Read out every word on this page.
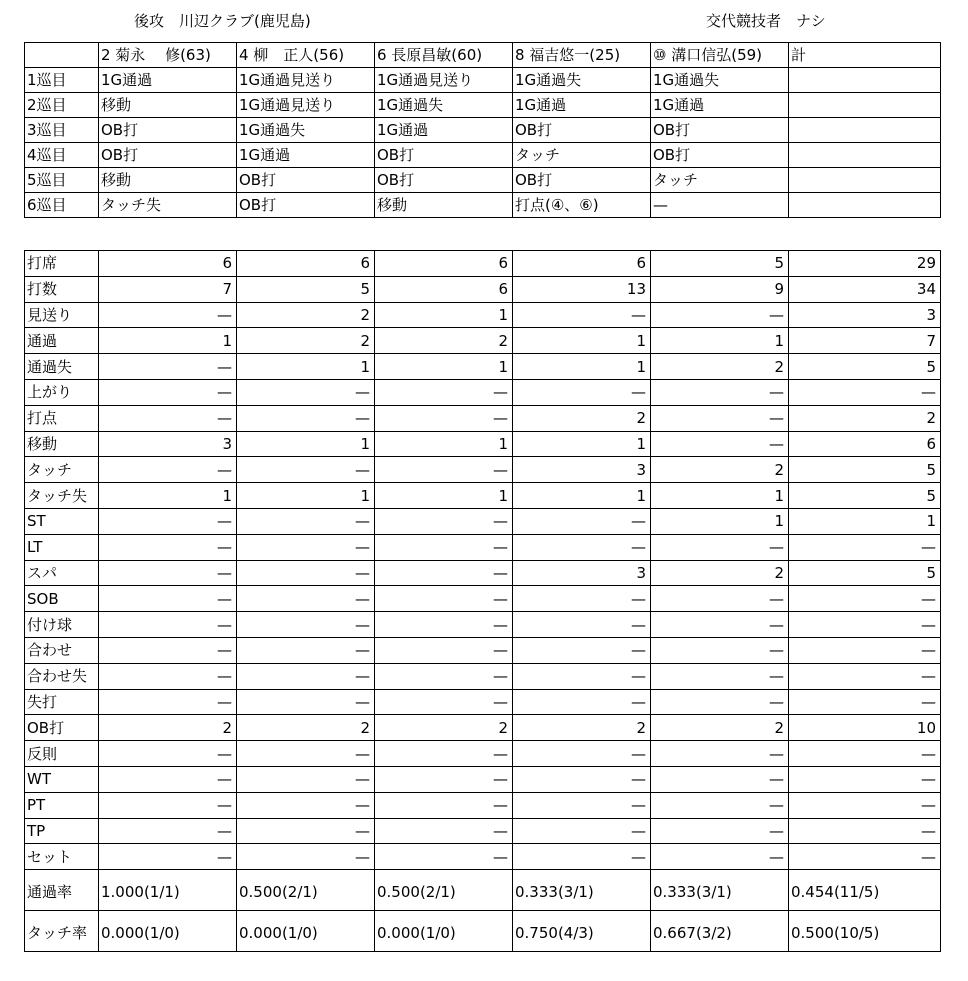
後攻　川辺クラブ(鹿児島)	交代競技者　ナシ
	2 菊永　 修(63)	4 柳　正人(56)	6 長原昌敏(60)	8 福吉悠一(25)	⑩ 溝口信弘(59)	計
1巡目	1G通過	1G通過見送り	1G通過見送り	1G通過失	1G通過失	
2巡目	移動	1G通過見送り	1G通過失	1G通過	1G通過	
3巡目	OB打	1G通過失	1G通過	OB打	OB打	
4巡目	OB打	1G通過	OB打	タッチ	OB打	
5巡目	移動	OB打	OB打	OB打	タッチ	
6巡目	タッチ失	OB打	移動	打点(④、⑥)	—	
打席	6	6	6	6	5	29
打数	7	5	6	13	9	34
見送り	—	2	1	—	—	3
通過	1	2	2	1	1	7
通過失	—	1	1	1	2	5
上がり	—	—	—	—	—	—
打点	—	—	—	2	—	2
移動	3	1	1	1	—	6
タッチ	—	—	—	3	2	5
タッチ失	1	1	1	1	1	5
ST	—	—	—	—	1	1
LT	—	—	—	—	—	—
スパ	—	—	—	3	2	5
SOB	—	—	—	—	—	—
付け球	—	—	—	—	—	—
合わせ	—	—	—	—	—	—
合わせ失	—	—	—	—	—	—
失打	—	—	—	—	—	—
OB打	2	2	2	2	2	10
反則	—	—	—	—	—	—
WT	—	—	—	—	—	—
PT	—	—	—	—	—	—
TP	—	—	—	—	—	—
セット	—	—	—	—	—	—
通過率	1.000(1/1)	0.500(2/1)	0.500(2/1)	0.333(3/1)	0.333(3/1)	0.454(11/5)
タッチ率	0.000(1/0)	0.000(1/0)	0.000(1/0)	0.750(4/3)	0.667(3/2)	0.500(10/5)
